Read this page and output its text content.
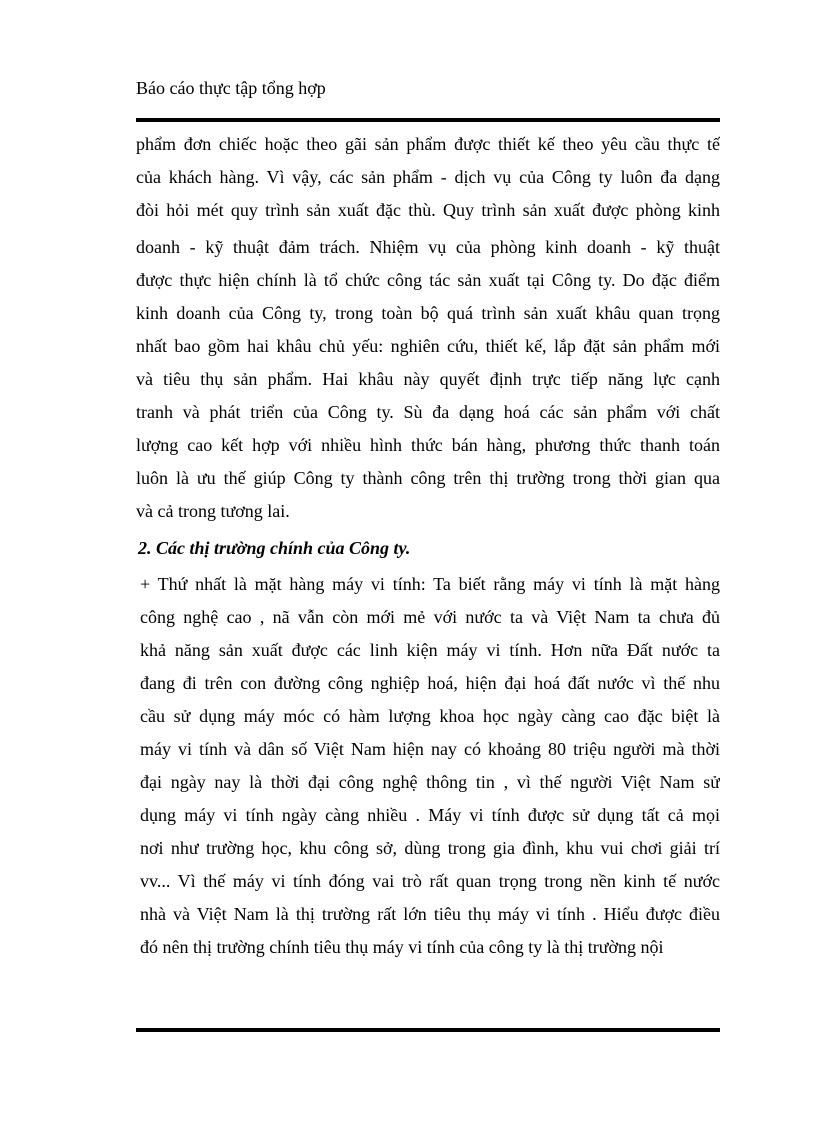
Báo cáo thực tập tổng hợp
phẩm đơn chiếc hoặc theo gãi sản phẩm được thiết kế theo yêu cầu thực tế
của khách hàng. Vì vậy, các sản phẩm - dịch vụ của Công ty luôn đa dạng
đòi hỏi mét quy trình sản xuất đặc thù. Quy trình sản xuất được phòng kinh
doanh - kỹ thuật đảm trách. Nhiệm vụ của phòng kinh doanh - kỹ thuật
được thực hiện chính là tổ chức công tác sản xuất tại Công ty. Do đặc điểm
kinh doanh của Công ty, trong toàn bộ quá trình sản xuất khâu quan trọng
nhất bao gồm hai khâu chủ yếu: nghiên cứu, thiết kế, lắp đặt sản phẩm mới
và tiêu thụ sản phẩm. Hai khâu này quyết định trực tiếp năng lực cạnh
tranh và phát triển của Công ty. Sù đa dạng hoá các sản phẩm với chất
lượng cao kết hợp với nhiều hình thức bán hàng, phương thức thanh toán
luôn là ưu thế giúp Công ty thành công trên thị trường trong thời gian qua
và cả trong tương lai.
2. Các thị trường chính của Công ty.
+ Thứ nhất là mặt hàng máy vi tính: Ta biết rằng máy vi tính là mặt hàng
công nghệ cao , nã vẫn còn mới mẻ với nước ta và Việt Nam ta chưa đủ
khả năng sản xuất được các linh kiện máy vi tính. Hơn nữa Đất nước ta
đang đi trên con đường công nghiệp hoá, hiện đại hoá đất nước vì thế nhu
cầu sử dụng máy móc có hàm lượng khoa học ngày càng cao đặc biệt là
máy vi tính và dân số Việt Nam hiện nay có khoảng 80 triệu người mà thời
đại ngày nay là thời đại công nghệ thông tin , vì thế người Việt Nam sử
dụng máy vi tính ngày càng nhiều . Máy vi tính được sử dụng tất cả mọi
nơi như trường học, khu công sở, dùng trong gia đình, khu vui chơi giải trí
vv... Vì thế máy vi tính đóng vai trò rất quan trọng trong nền kinh tế nước
nhà và Việt Nam là thị trường rất lớn tiêu thụ máy vi tính . Hiểu được điều
đó nên thị trường chính tiêu thụ máy vi tính của công ty là thị trường nội
